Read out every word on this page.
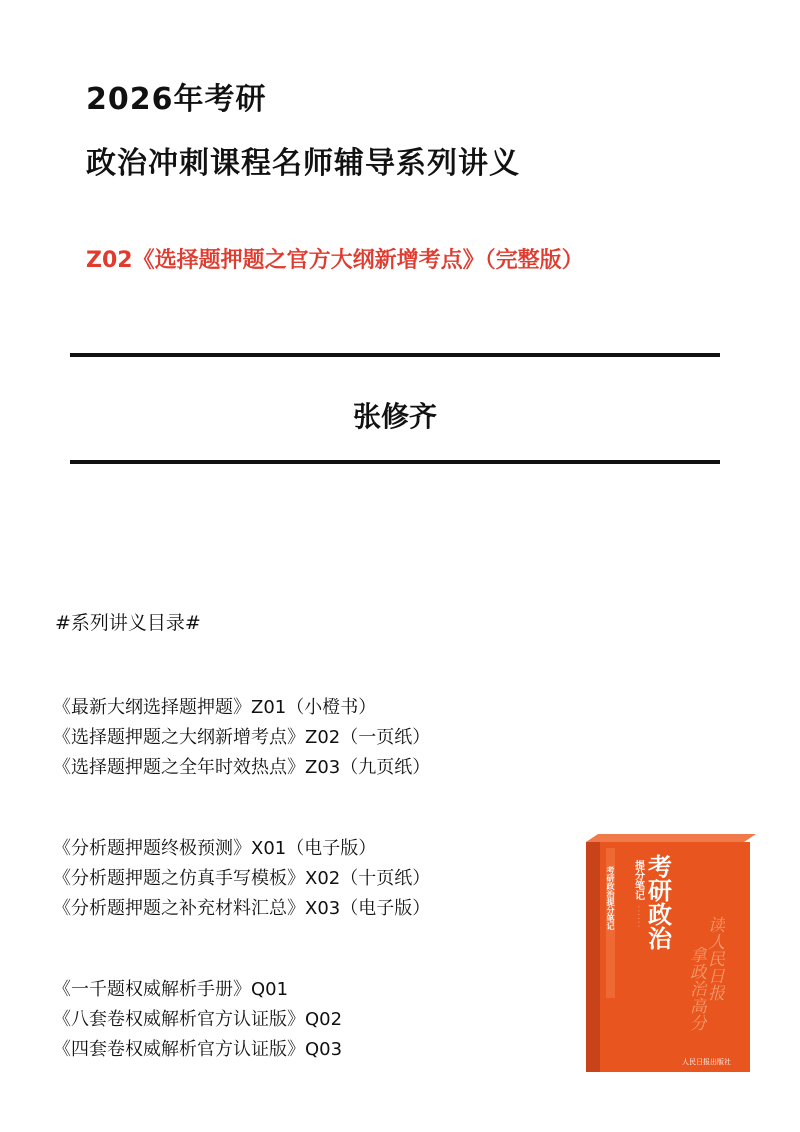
2026年考研
政治冲刺课程名师辅导系列讲义
Z02《选择题押题之官方大纲新增考点》（完整版）
张修齐
#系列讲义目录#
《最新大纲选择题押题》Z01（小橙书）
《选择题押题之大纲新增考点》Z02（一页纸）
《选择题押题之全年时效热点》Z03（九页纸）
《分析题押题终极预测》X01（电子版）
《分析题押题之仿真手写模板》X02（十页纸）
《分析题押题之补充材料汇总》X03（电子版）
《一千题权威解析手册》Q01
《八套卷权威解析官方认证版》Q02
《四套卷权威解析官方认证版》Q03
考研政治提分笔记 提分笔记
· · · · · · 考研政治
读人民日报
拿政治高分
人民日报出版社
